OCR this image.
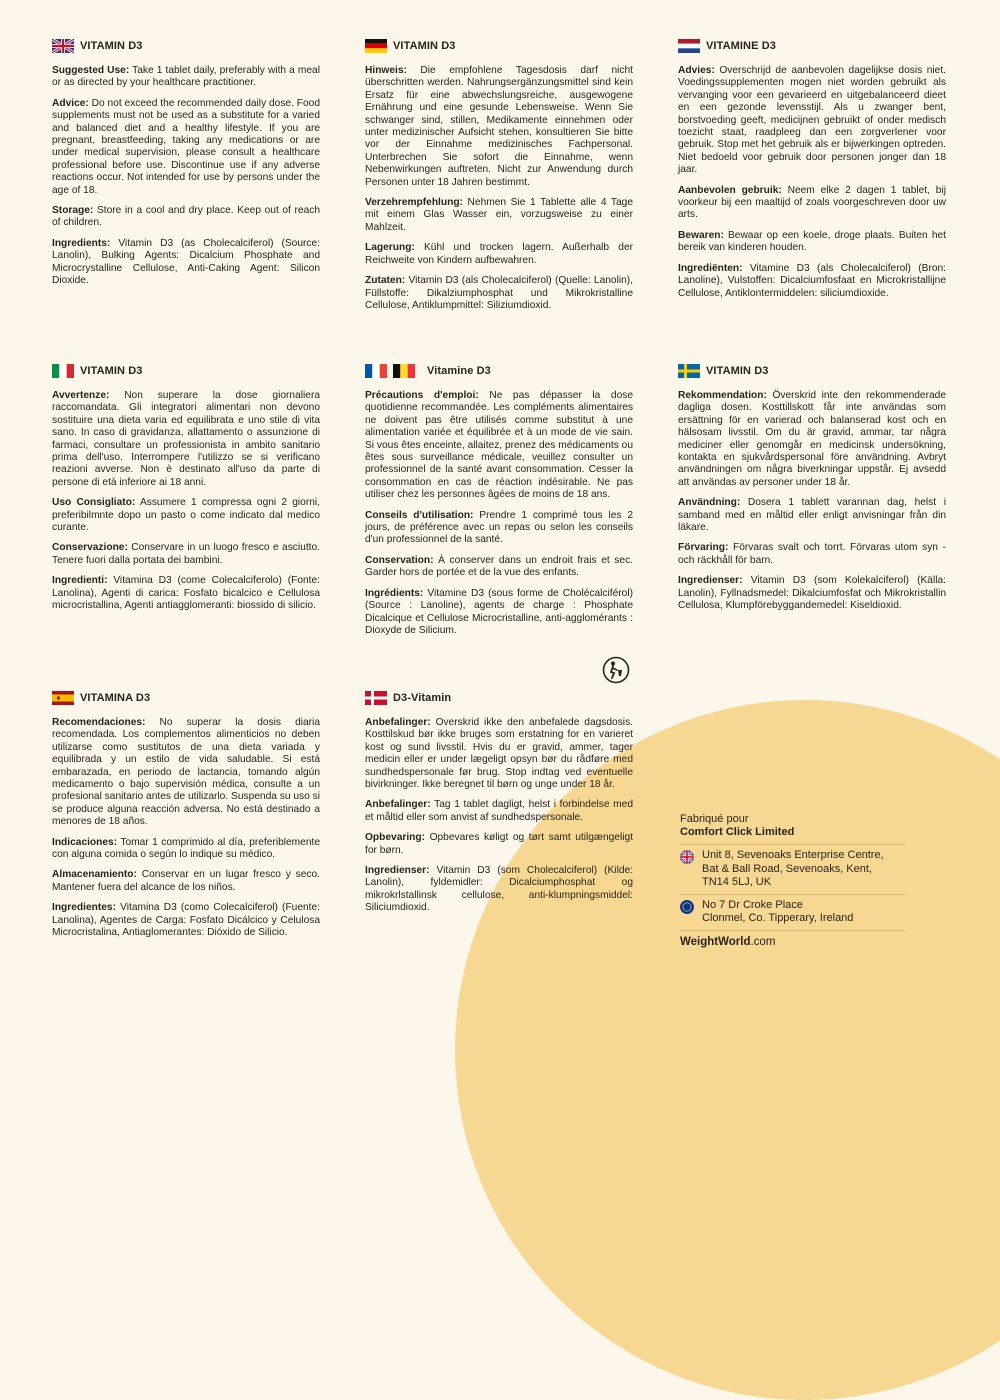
VITAMIN D3

Suggested Use: Take 1 tablet daily, preferably with a meal or as directed by your healthcare practitioner.

Advice: Do not exceed the recommended daily dose. Food supplements must not be used as a substitute for a varied and balanced diet and a healthy lifestyle. If you are pregnant, breastfeeding, taking any medications or are under medical supervision, please consult a healthcare professional before use. Discontinue use if any adverse reactions occur. Not intended for use by persons under the age of 18.

Storage: Store in a cool and dry place. Keep out of reach of children.

Ingredients: Vitamin D3 (as Cholecalciferol) (Source: Lanolin), Bulking Agents: Dicalcium Phosphate and Microcrystalline Cellulose, Anti-Caking Agent: Silicon Dioxide.

VITAMIN D3

Hinweis: Die empfohlene Tagesdosis darf nicht überschritten werden. Nahrungsergänzungsmittel sind kein Ersatz für eine abwechslungsreiche, ausgewogene Ernährung und eine gesunde Lebensweise. Wenn Sie schwanger sind, stillen, Medikamente einnehmen oder unter medizinischer Aufsicht stehen, konsultieren Sie bitte vor der Einnahme medizinisches Fachpersonal. Unterbrechen Sie sofort die Einnahme, wenn Nebenwirkungen auftreten. Nicht zur Anwendung durch Personen unter 18 Jahren bestimmt.

Verzehrempfehlung: Nehmen Sie 1 Tablette alle 4 Tage mit einem Glas Wasser ein, vorzugsweise zu einer Mahlzeit.

Lagerung: Kühl und trocken lagern. Außerhalb der Reichweite von Kindern aufbewahren.

Zutaten: Vitamin D3 (als Cholecalciferol) (Quelle: Lanolin), Füllstoffe: Dikalziumphosphat und Mikrokristalline Cellulose, Antiklumpmittel: Siliziumdioxid.

VITAMINE D3

Advies: Overschrijd de aanbevolen dagelijkse dosis niet. Voedingssupplementen mogen niet worden gebruikt als vervanging voor een gevarieerd en uitgebalanceerd dieet en een gezonde levensstijl. Als u zwanger bent, borstvoeding geeft, medicijnen gebruikt of onder medisch toezicht staat, raadpleeg dan een zorgverlener voor gebruik. Stop met het gebruik als er bijwerkingen optreden. Niet bedoeld voor gebruik door personen jonger dan 18 jaar.

Aanbevolen gebruik: Neem elke 2 dagen 1 tablet, bij voorkeur bij een maaltijd of zoals voorgeschreven door uw arts.

Bewaren: Bewaar op een koele, droge plaats. Buiten het bereik van kinderen houden.

Ingrediënten: Vitamine D3 (als Cholecalciferol) (Bron: Lanoline), Vulstoffen: Dicalciumfosfaat en Microkristallijne Cellulose, Antiklontermiddelen: siliciumdioxide.

VITAMIN D3

Avvertenze: Non superare la dose giornaliera raccomandata. Gli integratori alimentari non devono sostituire una dieta varia ed equilibrata e uno stile di vita sano. In caso di gravidanza, allattamento o assunzione di farmaci, consultare un professionista in ambito sanitario prima dell'uso. Interrompere l'utilizzo se si verificano reazioni avverse. Non è destinato all'uso da parte di persone di età inferiore ai 18 anni.

Uso Consigliato: Assumere 1 compressa ogni 2 giorni, preferibilmnte dopo un pasto o come indicato dal medico curante.

Conservazione: Conservare in un luogo fresco e asciutto. Tenere fuori dalla portata dei bambini.

Ingredienti: Vitamina D3 (come Colecalciferolo) (Fonte: Lanolina), Agenti di carica: Fosfato bicalcico e Cellulosa microcristallina, Agenti antiagglomeranti: biossido di silicio.

Vitamine D3

Précautions d'emploi: Ne pas dépasser la dose quotidienne recommandée. Les compléments alimentaires ne doivent pas être utilisés comme substitut à une alimentation variée et équilibrée et à un mode de vie sain. Si vous êtes enceinte, allaitez, prenez des médicaments ou êtes sous surveillance médicale, veuillez consulter un professionnel de la santé avant consommation. Cesser la consommation en cas de réaction indésirable. Ne pas utiliser chez les personnes âgées de moins de 18 ans.

Conseils d'utilisation: Prendre 1 comprimé tous les 2 jours, de préférence avec un repas ou selon les conseils d'un professionnel de la santé.

Conservation: À conserver dans un endroit frais et sec. Garder hors de portée et de la vue des enfants.

Ingrédients: Vitamine D3 (sous forme de Cholécalciférol) (Source : Lanoline), agents de charge : Phosphate Dicalcique et Cellulose Microcristalline, anti-agglomérants : Dioxyde de Silicium.

VITAMIN D3

Rekommendation: Överskrid inte den rekommenderade dagliga dosen. Kosttillskott får inte användas som ersättning för en varierad och balanserad kost och en hälsosam livsstil. Om du är gravid, ammar, tar några mediciner eller genomgår en medicinsk undersökning, kontakta en sjukvårdspersonal före användning. Avbryt användningen om några biverkningar uppstår. Ej avsedd att användas av personer under 18 år.

Användning: Dosera 1 tablett varannan dag, helst i samband med en måltid eller enligt anvisningar från din läkare.

Förvaring: Förvaras svalt och torrt. Förvaras utom syn - och räckhåll för barn.

Ingredienser: Vitamin D3 (som Kolekalciferol) (Källa: Lanolin), Fyllnadsmedel: Dikalciumfosfat och Mikrokristallin Cellulosa, Klumpförebyggandemedel: Kiseldioxid.

VITAMINA D3

Recomendaciones: No superar la dosis diaria recomendada. Los complementos alimenticios no deben utilizarse como sustitutos de una dieta variada y equilibrada y un estilo de vida saludable. Si está embarazada, en periodo de lactancia, tomando algún medicamento o bajo supervisión médica, consulte a un profesional sanitario antes de utilizarlo. Suspenda su uso si se produce alguna reacción adversa. No está destinado a menores de 18 años.

Indicaciones: Tomar 1 comprimido al día, preferiblemente con alguna comida o según lo indique su médico.

Almacenamiento: Conservar en un lugar fresco y seco. Mantener fuera del alcance de los niños.

Ingredientes: Vitamina D3 (como Colecalciferol) (Fuente: Lanolina), Agentes de Carga: Fosfato Dicálcico y Celulosa Microcristalina, Antiaglomerantes: Dióxido de Silicio.

D3-Vitamin

Anbefalinger: Overskrid ikke den anbefalede dagsdosis. Kosttilskud bør ikke bruges som erstatning for en varieret kost og sund livsstil. Hvis du er gravid, ammer, tager medicin eller er under lægeligt opsyn bør du rådføre med sundhedspersonale før brug. Stop indtag ved eventuelle bivirkninger. Ikke beregnet til børn og unge under 18 år.

Anbefalinger: Tag 1 tablet dagligt, helst i forbindelse med et måltid eller som anvist af sundhedspersonale.

Opbevaring: Opbevares køligt og tørt samt utilgængeligt for børn.

Ingredienser: Vitamin D3 (som Cholecalciferol) (Kilde: Lanolin), fyldemidler: Dicalciumphosphat og mikrokrlstallinsk cellulose, anti-klumpningsmiddel: Siliciumdioxid.

Fabriqué pour
Comfort Click Limited
Unit 8, Sevenoaks Enterprise Centre,
Bat & Ball Road, Sevenoaks, Kent,
TN14 5LJ, UK
No 7 Dr Croke Place
Clonmel, Co. Tipperary, Ireland
WeightWorld.com
